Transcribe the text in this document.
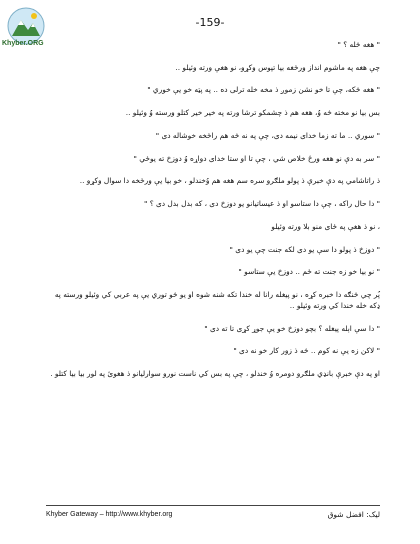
Khyber.ORG
-159-

" هغه څله ؟ "

چې هغه په ماشوم انداز ورځغه بیا تپوس وکړو، نو هغې ورته وئیلو ..

" هغه څکه، چې تا خو نشن زموږ ذ مخه خله ترلی ده .. په پټه خو یې خوري "

بس بیا نو مخته څه وُ، هغه هم ذ چشمکو ترشا ورته په خیر خیر کتلو ورسته وُ وئیلو ..

" سوري .. ما ته زما خدای نیمه دی، چې په نه څه هم راځخه خوشاله دی "

" سر به دې نو هغه ورځ خلاص شي ، چې تا او ستا خدای دواړه وُ دوزخ ته یوځي "

ذ راتاشامي په دې خبرې ذ پولو ملګرو سره سم هغه هم وُخندلو ، خو بیا یې ورځخه دا سوال وکړو ..

" دا حال راکه ، چې دا ستاسو او ذ عیساتیانو یو دوزخ دی ، که بدل بدل دی ؟ "

، نو ذ هغې په ځای منو بلا ورته وئیلو

" دوزخ ذ پولو دا سې یو دی لکه جنت چې یو دی "

" نو بیا خو زه جنت ته ځم .. دوزخ یې ستاسو "

پُر چي څنګه دا خبره کړه ، نو پیغله رانا له خندا تکه شنه شوه او یو څو توري یې په عربي کي وئیلو ورسته په ډکه خله خندا کي ورته وئیلو ..

" دا سې اېله پیغله ؟ بچو دوزخ خو یې جوړ کړی تا ته دی "

" لاکن زه یې نه کوم .. څه ذ زور کار خو نه دی "

او په دې خبرې بانډي ملګرو دومره وُ خندلو ، چې په بس کي ناست نورو سوارلیانو ذ هغوئ په لور بیا بیا کتلو .

Khyber Gateway – http://www.khyber.org	لیک: افضل شوق
